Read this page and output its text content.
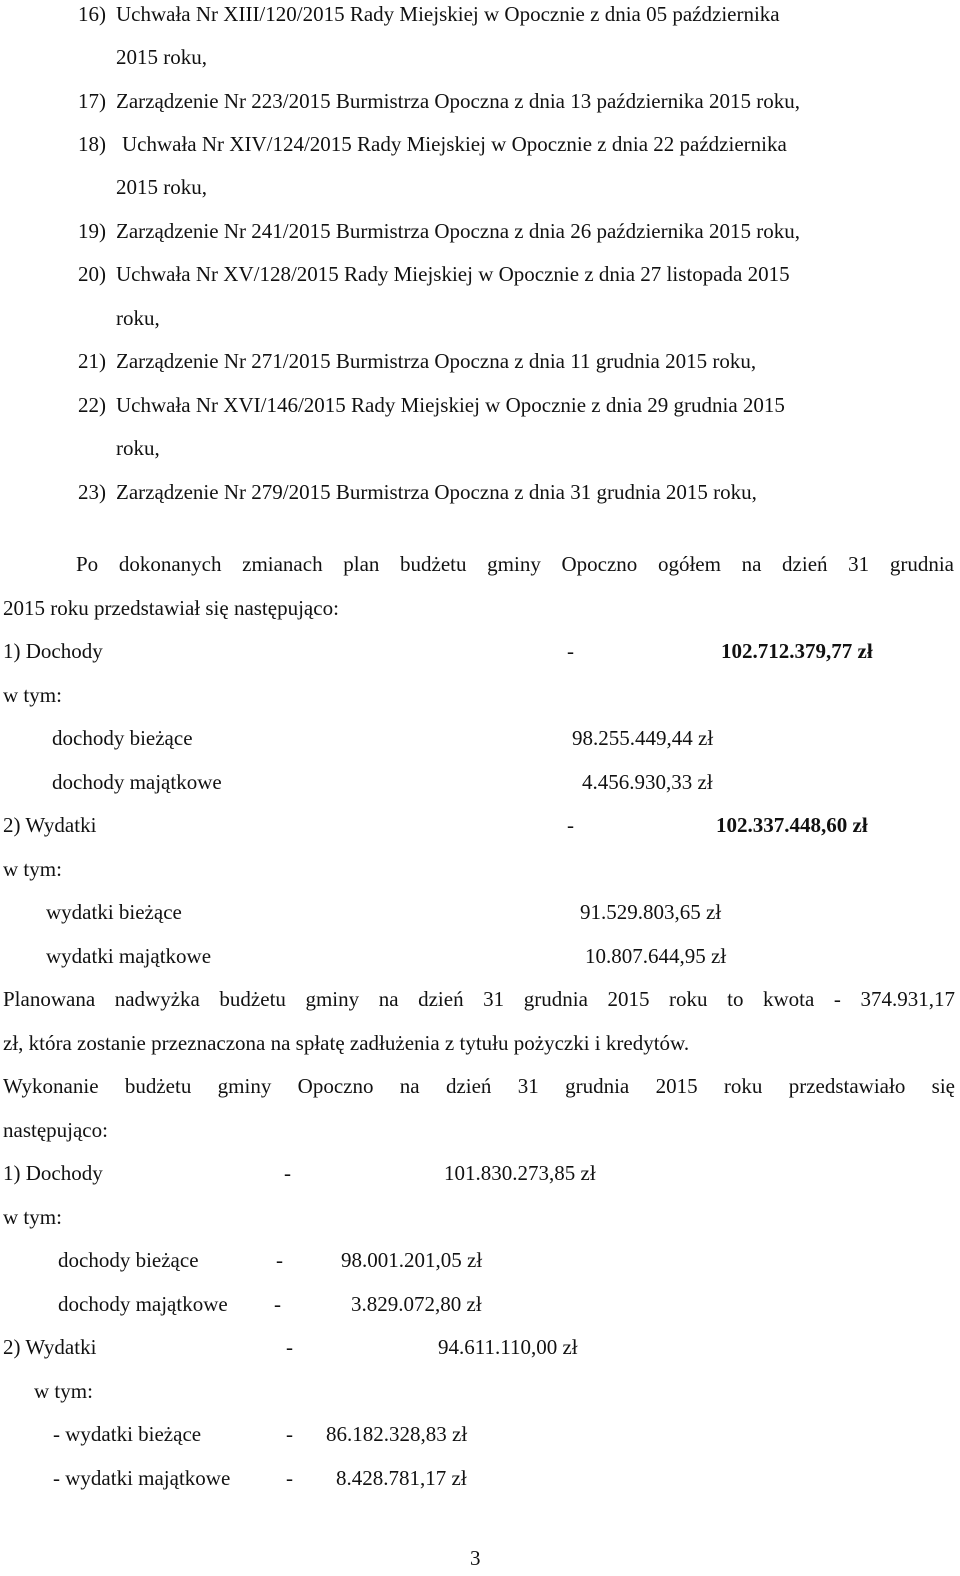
16) Uchwała Nr XIII/120/2015 Rady Miejskiej w Opocznie z dnia 05 października
2015 roku,
17) Zarządzenie Nr 223/2015 Burmistrza Opoczna z dnia 13 października 2015 roku,
18) Uchwała Nr XIV/124/2015 Rady Miejskiej w Opocznie z dnia 22 października
2015 roku,
19) Zarządzenie Nr 241/2015 Burmistrza Opoczna z dnia 26 października 2015 roku,
20) Uchwała Nr XV/128/2015 Rady Miejskiej w Opocznie z dnia 27 listopada 2015
roku,
21) Zarządzenie Nr 271/2015 Burmistrza Opoczna z dnia 11 grudnia 2015 roku,
22) Uchwała Nr XVI/146/2015 Rady Miejskiej w Opocznie z dnia 29 grudnia 2015
roku,
23) Zarządzenie Nr 279/2015 Burmistrza Opoczna z dnia 31 grudnia 2015 roku,
Po dokonanych zmianach plan budżetu gminy Opoczno ogółem na dzień 31 grudnia
2015 roku przedstawiał się następująco:
1) Dochody	-	102.712.379,77 zł
w tym:
dochody bieżące	98.255.449,44 zł
dochody majątkowe	4.456.930,33 zł
2) Wydatki	-	102.337.448,60 zł
w tym:
wydatki bieżące	91.529.803,65 zł
wydatki majątkowe	10.807.644,95 zł
Planowana nadwyżka budżetu gminy na dzień 31 grudnia 2015 roku to kwota - 374.931,17
zł, która zostanie przeznaczona na spłatę zadłużenia z tytułu pożyczki i kredytów.
Wykonanie budżetu gminy Opoczno na dzień 31 grudnia 2015 roku przedstawiało się
następująco:
1) Dochody	-	101.830.273,85 zł
w tym:
dochody bieżące	-	98.001.201,05 zł
dochody majątkowe -	3.829.072,80 zł
2) Wydatki	-	94.611.110,00 zł
w tym:
- wydatki bieżące	- 86.182.328,83 zł
- wydatki majątkowe	- 8.428.781,17 zł
3
